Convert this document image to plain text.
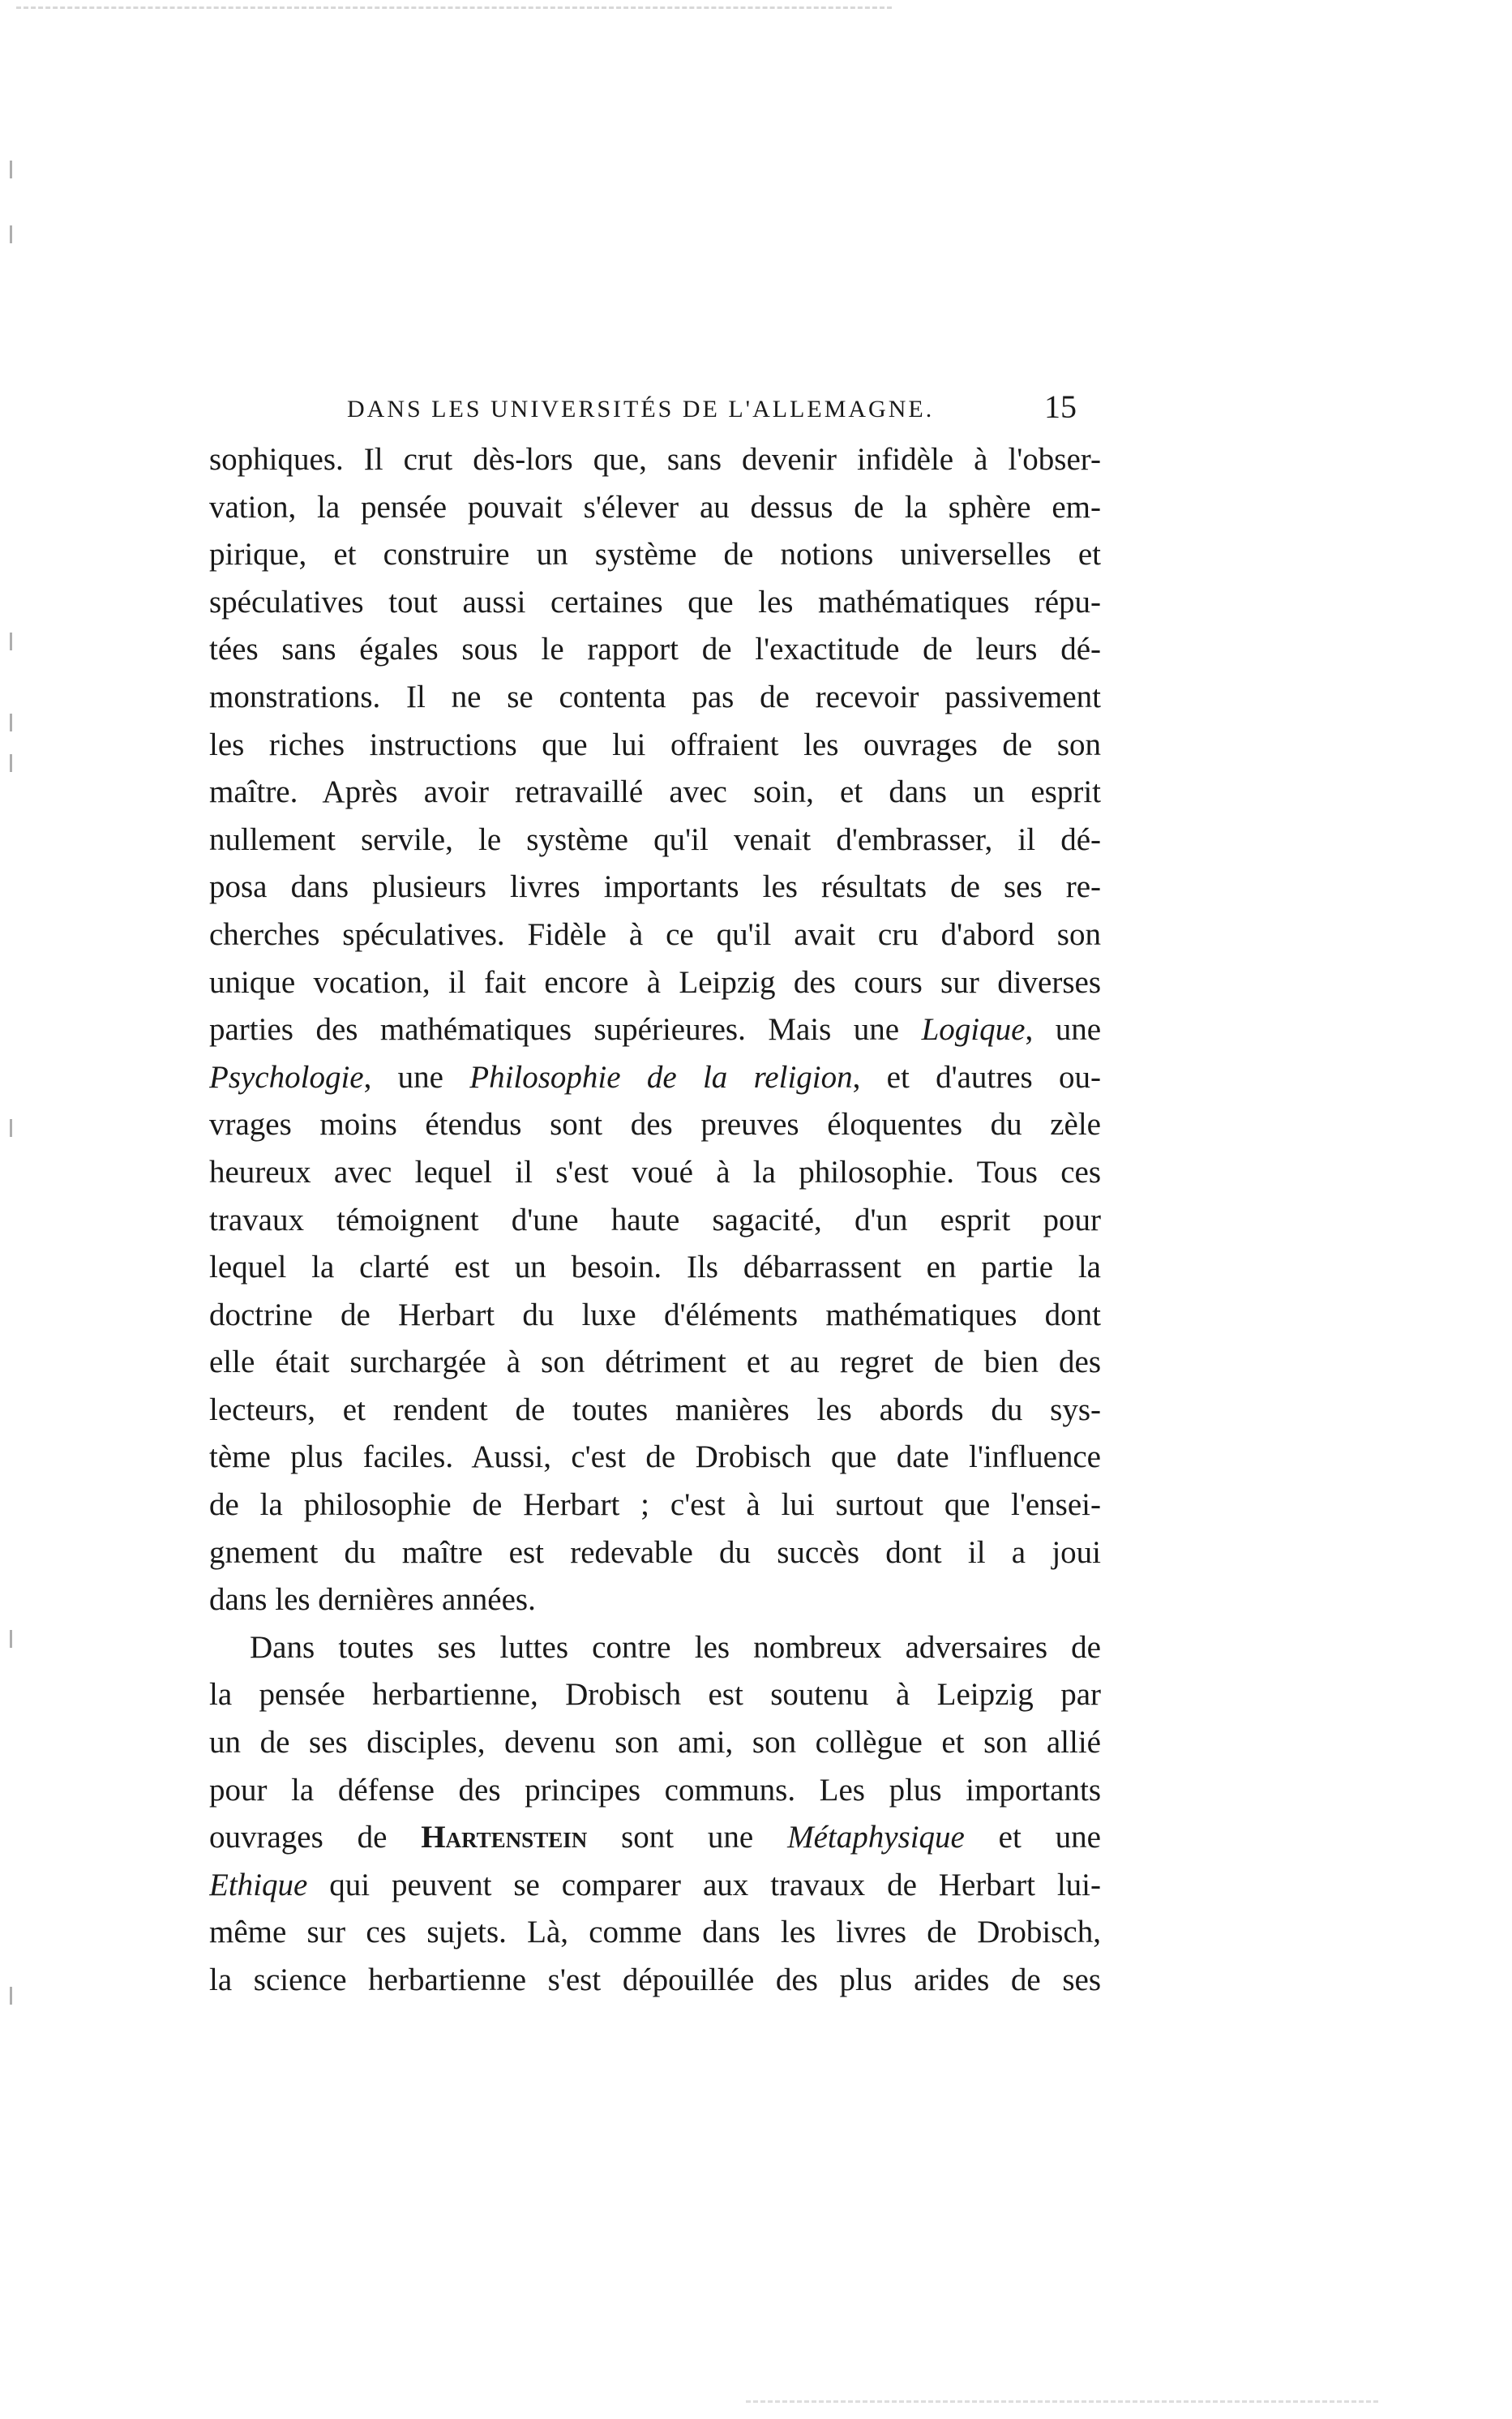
DANS LES UNIVERSITÉS DE L'ALLEMAGNE.	15
sophiques. Il crut dès-lors que, sans devenir infidèle à l'obser-
vation, la pensée pouvait s'élever au dessus de la sphère em-
pirique, et construire un système de notions universelles et
spéculatives tout aussi certaines que les mathématiques répu-
tées sans égales sous le rapport de l'exactitude de leurs dé-
monstrations. Il ne se contenta pas de recevoir passivement
les riches instructions que lui offraient les ouvrages de son
maître. Après avoir retravaillé avec soin, et dans un esprit
nullement servile, le système qu'il venait d'embrasser, il dé-
posa dans plusieurs livres importants les résultats de ses re-
cherches spéculatives. Fidèle à ce qu'il avait cru d'abord son
unique vocation, il fait encore à Leipzig des cours sur diverses
parties des mathématiques supérieures. Mais une Logique, une
Psychologie, une Philosophie de la religion, et d'autres ou-
vrages moins étendus sont des preuves éloquentes du zèle
heureux avec lequel il s'est voué à la philosophie. Tous ces
travaux témoignent d'une haute sagacité, d'un esprit pour
lequel la clarté est un besoin. Ils débarrassent en partie la
doctrine de Herbart du luxe d'éléments mathématiques dont
elle était surchargée à son détriment et au regret de bien des
lecteurs, et rendent de toutes manières les abords du sys-
tème plus faciles. Aussi, c'est de Drobisch que date l'influence
de la philosophie de Herbart ; c'est à lui surtout que l'ensei-
gnement du maître est redevable du succès dont il a joui
dans les dernières années.
Dans toutes ses luttes contre les nombreux adversaires de
la pensée herbartienne, Drobisch est soutenu à Leipzig par
un de ses disciples, devenu son ami, son collègue et son allié
pour la défense des principes communs. Les plus importants
ouvrages de Hartenstein sont une Métaphysique et une
Ethique qui peuvent se comparer aux travaux de Herbart lui-
même sur ces sujets. Là, comme dans les livres de Drobisch,
la science herbartienne s'est dépouillée des plus arides de ses
